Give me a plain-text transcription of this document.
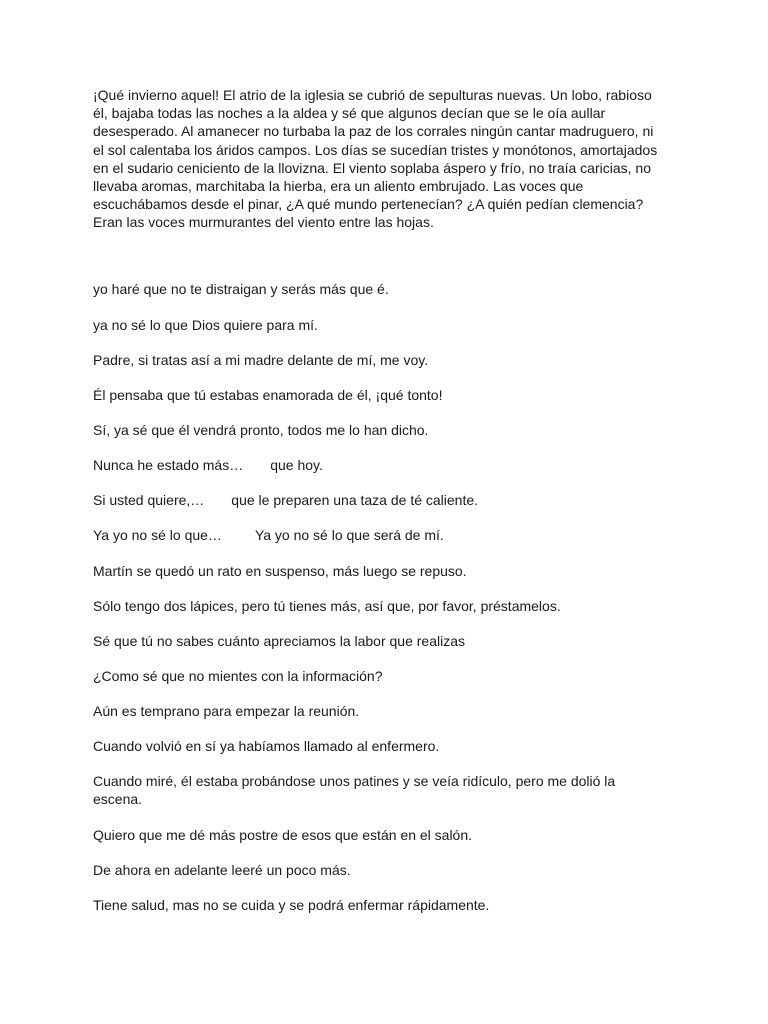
¡Qué invierno aquel! El atrio de la iglesia se cubrió de sepulturas nuevas. Un lobo, rabioso
él, bajaba todas las noches a la aldea y sé que algunos decían que se le oía aullar
desesperado. Al amanecer no turbaba la paz de los corrales ningún cantar madruguero, ni
el sol calentaba los áridos campos. Los días se sucedían tristes y monótonos, amortajados
en el sudario ceniciento de la llovizna. El viento soplaba áspero y frío, no traía caricias, no
llevaba aromas, marchitaba la hierba, era un aliento embrujado. Las voces que
escuchábamos desde el pinar, ¿A qué mundo pertenecían? ¿A quién pedían clemencia?
Eran las voces murmurantes del viento entre las hojas.

yo haré que no te distraigan y serás más que é.
ya no sé lo que Dios quiere para mí.
Padre, si tratas así a mi madre delante de mí, me voy.
Él pensaba que tú estabas enamorada de él, ¡qué tonto!
Sí, ya sé que él vendrá pronto, todos me lo han dicho.
Nunca he estado más… que hoy.
Si usted quiere,… que le preparen una taza de té caliente.
Ya yo no sé lo que… Ya yo no sé lo que será de mí.
Martín se quedó un rato en suspenso, más luego se repuso.
Sólo tengo dos lápices, pero tú tienes más, así que, por favor, préstamelos.
Sé que tú no sabes cuánto apreciamos la labor que realizas
¿Como sé que no mientes con la información?
Aún es temprano para empezar la reunión.
Cuando volvió en sí ya habíamos llamado al enfermero.
Cuando miré, él estaba probándose unos patines y se veía ridículo, pero me dolió la
escena.
Quiero que me dé más postre de esos que están en el salón.
De ahora en adelante leeré un poco más.
Tiene salud, mas no se cuida y se podrá enfermar rápidamente.
